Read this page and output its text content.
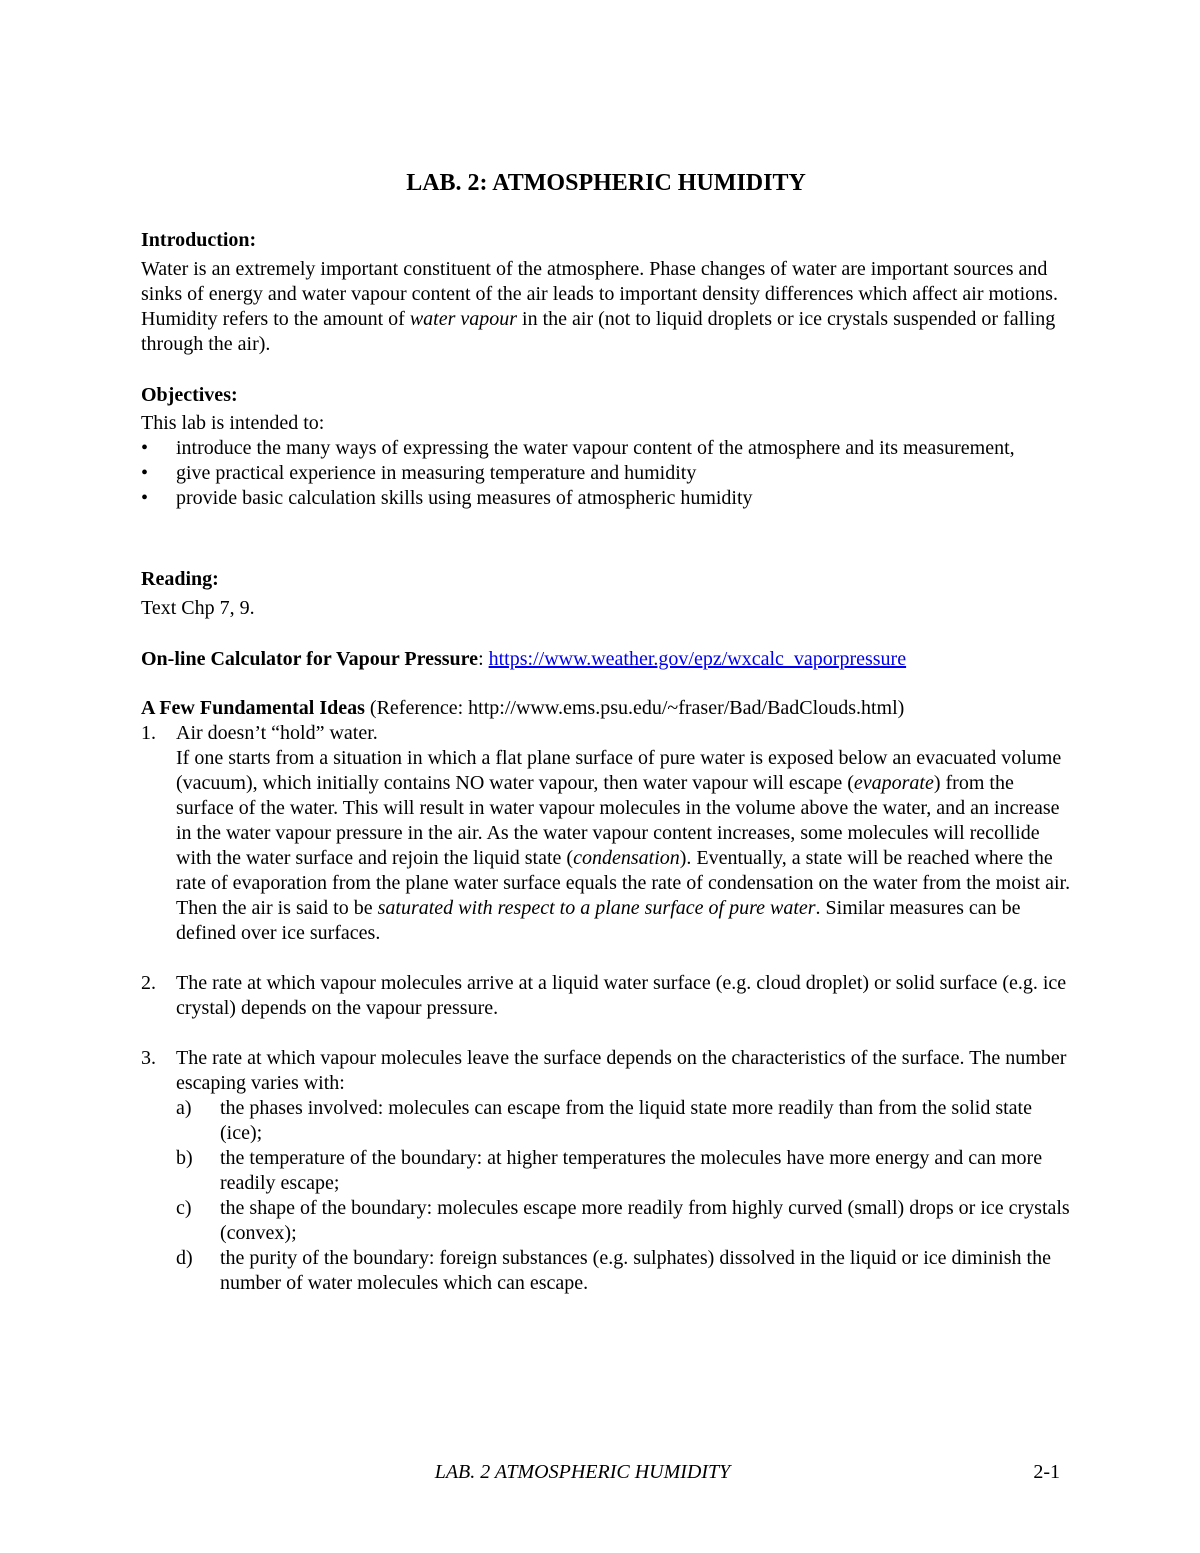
LAB. 2: ATMOSPHERIC HUMIDITY

Introduction:

Water is an extremely important constituent of the atmosphere. Phase changes of water are important sources and sinks of energy and water vapour content of the air leads to important density differences which affect air motions. Humidity refers to the amount of water vapour in the air (not to liquid droplets or ice crystals suspended or falling through the air).

Objectives:

This lab is intended to:

•	introduce the many ways of expressing the water vapour content of the atmosphere and its measurement,
•	give practical experience in measuring temperature and humidity
•	provide basic calculation skills using measures of atmospheric humidity

Reading:

Text Chp 7, 9.

On-line Calculator for Vapour Pressure: https://www.weather.gov/epz/wxcalc_vaporpressure

A Few Fundamental Ideas (Reference: http://www.ems.psu.edu/~fraser/Bad/BadClouds.html)

1. Air doesn’t “hold” water.

If one starts from a situation in which a flat plane surface of pure water is exposed below an evacuated volume (vacuum), which initially contains NO water vapour, then water vapour will escape (evaporate) from the surface of the water. This will result in water vapour molecules in the volume above the water, and an increase in the water vapour pressure in the air. As the water vapour content increases, some molecules will recollide with the water surface and rejoin the liquid state (condensation). Eventually, a state will be reached where the rate of evaporation from the plane water surface equals the rate of condensation on the water from the moist air. Then the air is said to be saturated with respect to a plane surface of pure water. Similar measures can be defined over ice surfaces.

2. The rate at which vapour molecules arrive at a liquid water surface (e.g. cloud droplet) or solid surface (e.g. ice crystal) depends on the vapour pressure.

3. The rate at which vapour molecules leave the surface depends on the characteristics of the surface. The number escaping varies with:

a) the phases involved: molecules can escape from the liquid state more readily than from the solid state (ice);

b) the temperature of the boundary: at higher temperatures the molecules have more energy and can more readily escape;

c) the shape of the boundary: molecules escape more readily from highly curved (small) drops or ice crystals (convex);

d) the purity of the boundary: foreign substances (e.g. sulphates) dissolved in the liquid or ice diminish the number of water molecules which can escape.

LAB. 2 ATMOSPHERIC HUMIDITY	2-1
